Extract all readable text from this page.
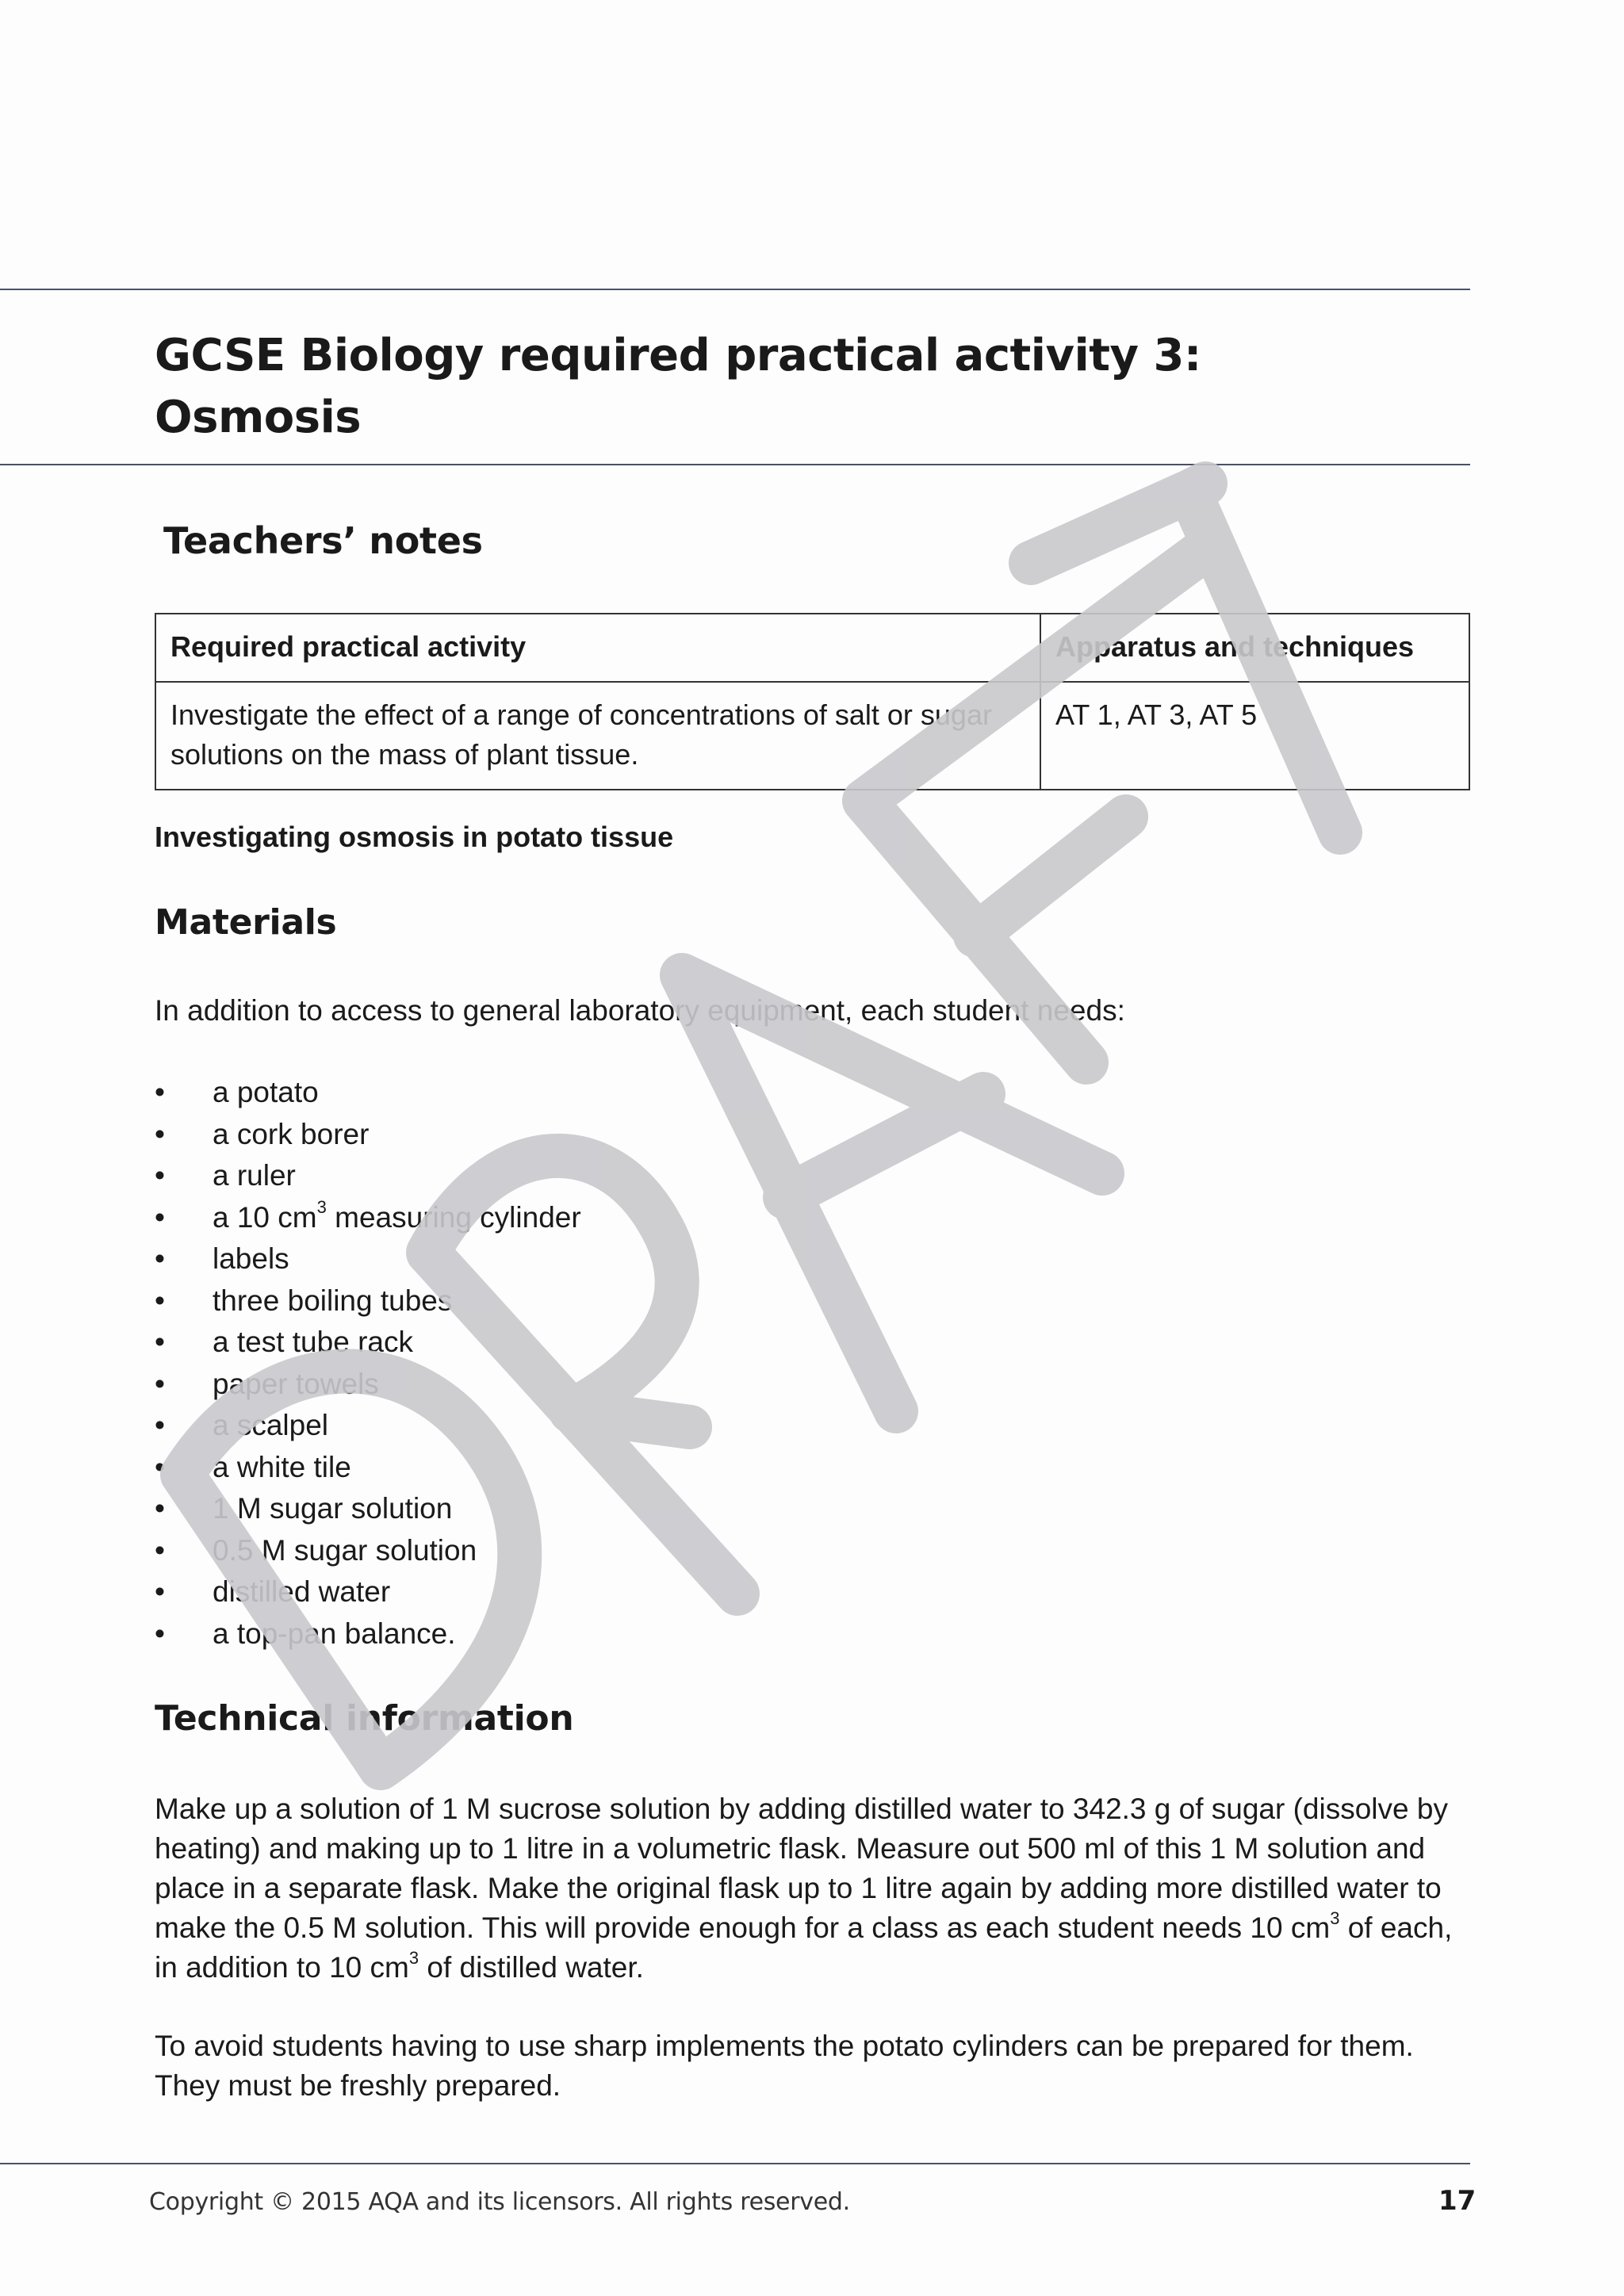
GCSE Biology required practical activity 3:
Osmosis
Teachers’ notes
Required practical activity	Apparatus and techniques
Investigate the effect of a range of concentrations of salt or sugar solutions on the mass of plant tissue.	AT 1, AT 3, AT 5
Investigating osmosis in potato tissue
Materials
In addition to access to general laboratory equipment, each student needs:
• a potato
• a cork borer
• a ruler
• a 10 $cm^3$ measuring cylinder
• labels
• three boiling tubes
• a test tube rack
• paper towels
• a scalpel
• a white tile
• 1 M sugar solution
• 0.5 M sugar solution
• distilled water
• a top-pan balance.
Technical information
Make up a solution of 1 M sucrose solution by adding distilled water to 342.3 g of sugar (dissolve by heating) and making up to 1 litre in a volumetric flask. Measure out 500 ml of this 1 M solution and place in a separate flask. Make the original flask up to 1 litre again by adding more distilled water to make the 0.5 M solution. This will provide enough for a class as each student needs 10 $cm^3$ of each, in addition to 10 $cm^3$ of distilled water.
To avoid students having to use sharp implements the potato cylinders can be prepared for them. They must be freshly prepared.
Copyright © 2015 AQA and its licensors. All rights reserved.	17
